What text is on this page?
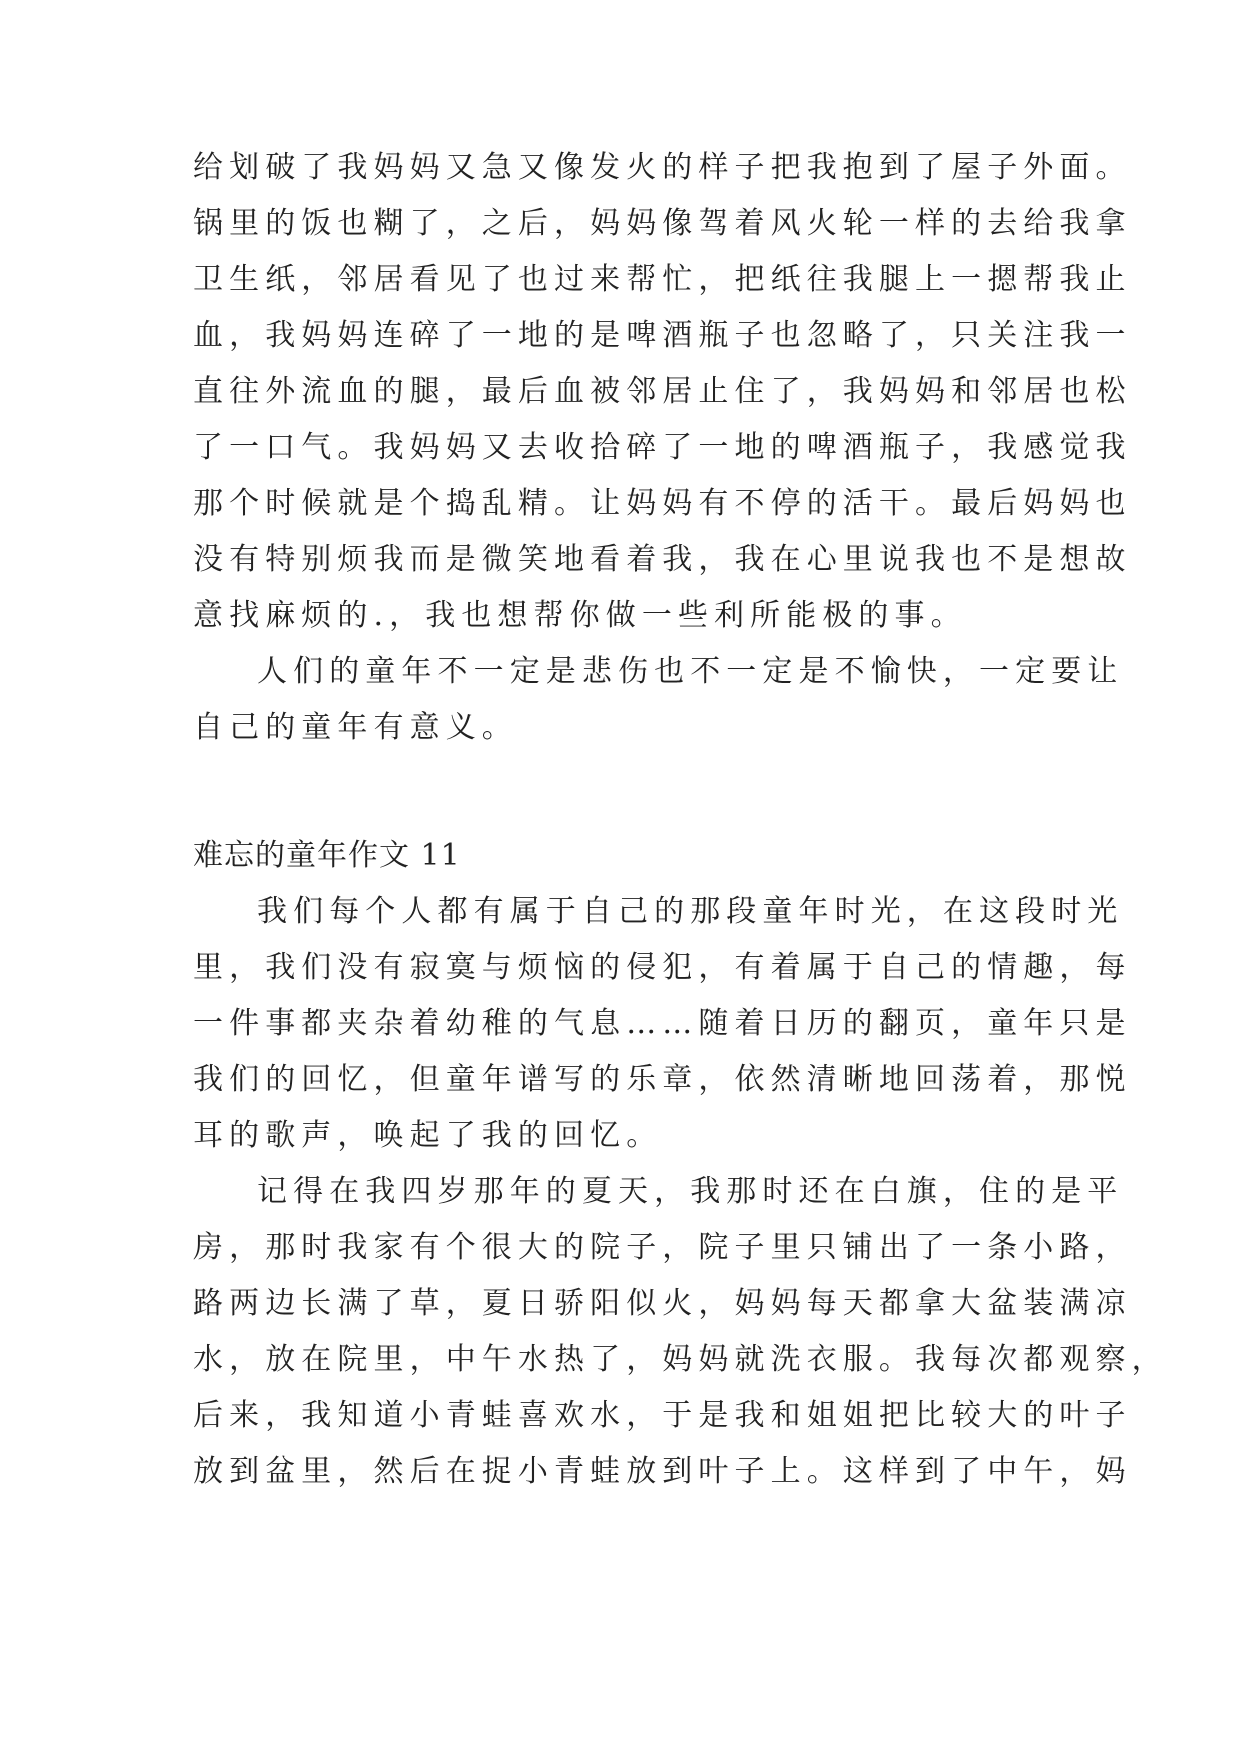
给划破了我妈妈又急又像发火的样子把我抱到了屋子外面。
锅里的饭也糊了，之后，妈妈像驾着风火轮一样的去给我拿
卫生纸，邻居看见了也过来帮忙，把纸往我腿上一摁帮我止
血，我妈妈连碎了一地的是啤酒瓶子也忽略了，只关注我一
直往外流血的腿，最后血被邻居止住了，我妈妈和邻居也松
了一口气。我妈妈又去收拾碎了一地的啤酒瓶子，我感觉我
那个时候就是个捣乱精。让妈妈有不停的活干。最后妈妈也
没有特别烦我而是微笑地看着我，我在心里说我也不是想故
意找麻烦的.，我也想帮你做一些利所能极的事。
人们的童年不一定是悲伤也不一定是不愉快，一定要让
自己的童年有意义。
难忘的童年作文 11
我们每个人都有属于自己的那段童年时光，在这段时光
里，我们没有寂寞与烦恼的侵犯，有着属于自己的情趣，每
一件事都夹杂着幼稚的气息……随着日历的翻页，童年只是
我们的回忆，但童年谱写的乐章，依然清晰地回荡着，那悦
耳的歌声，唤起了我的回忆。
记得在我四岁那年的夏天，我那时还在白旗，住的是平
房，那时我家有个很大的院子，院子里只铺出了一条小路，
路两边长满了草，夏日骄阳似火，妈妈每天都拿大盆装满凉
水，放在院里，中午水热了，妈妈就洗衣服。我每次都观察，
后来，我知道小青蛙喜欢水，于是我和姐姐把比较大的叶子
放到盆里，然后在捉小青蛙放到叶子上。这样到了中午，妈
